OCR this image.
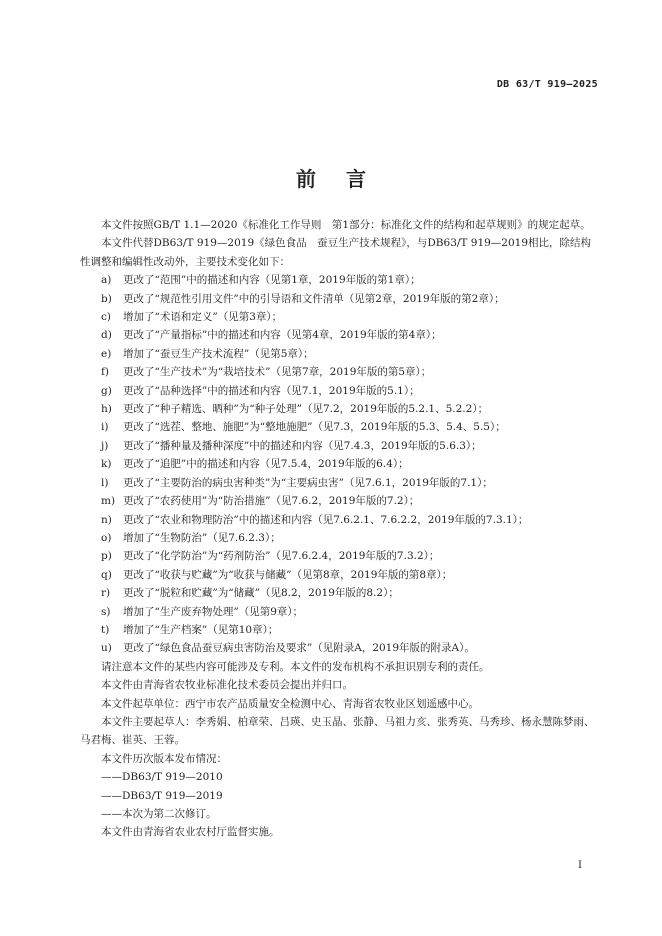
DB 63/T 919—2025
前 言

本文件按照GB/T 1.1—2020《标准化工作导则　第1部分：标准化文件的结构和起草规则》的规定起草。

本文件代替DB63/T 919—2019《绿色食品　蚕豆生产技术规程》，与DB63/T 919—2019相比，除结构性调整和编辑性改动外，主要技术变化如下：

a) 更改了“范围”中的描述和内容（见第1章，2019年版的第1章）；
b) 更改了“规范性引用文件”中的引导语和文件清单（见第2章，2019年版的第2章）；
c) 增加了“术语和定义”（见第3章）；
d) 更改了“产量指标”中的描述和内容（见第4章，2019年版的第4章）；
e) 增加了“蚕豆生产技术流程”（见第5章）；
f) 更改了“生产技术”为“栽培技术”（见第7章，2019年版的第5章）；
g) 更改了“品种选择”中的描述和内容（见7.1，2019年版的5.1）；
h) 更改了“种子精选、晒种”为“种子处理”（见7.2，2019年版的5.2.1、5.2.2）；
i) 更改了“选茬、整地、施肥”为“整地施肥”（见7.3，2019年版的5.3、5.4、5.5）；
j) 更改了“播种量及播种深度”中的描述和内容（见7.4.3，2019年版的5.6.3）；
k) 更改了“追肥”中的描述和内容（见7.5.4，2019年版的6.4）；
l) 更改了“主要防治的病虫害种类”为“主要病虫害”（见7.6.1，2019年版的7.1）；
m) 更改了“农药使用”为“防治措施”（见7.6.2，2019年版的7.2）；
n) 更改了“农业和物理防治”中的描述和内容（见7.6.2.1、7.6.2.2，2019年版的7.3.1）；
o) 增加了“生物防治”（见7.6.2.3）；
p) 更改了“化学防治”为“药剂防治”（见7.6.2.4，2019年版的7.3.2）；
q) 更改了“收获与贮藏”为“收获与储藏”（见第8章，2019年版的第8章）；
r) 更改了“脱粒和贮藏”为“储藏”（见8.2，2019年版的8.2）；
s) 增加了“生产废弃物处理”（见第9章）；
t) 增加了“生产档案”（见第10章）；
u) 更改了“绿色食品蚕豆病虫害防治及要求”（见附录A，2019年版的附录A）。

请注意本文件的某些内容可能涉及专利。本文件的发布机构不承担识别专利的责任。

本文件由青海省农牧业标准化技术委员会提出并归口。

本文件起草单位：西宁市农产品质量安全检测中心、青海省农牧业区划遥感中心。

本文件主要起草人：李秀娟、柏章荣、吕瑛、史玉晶、张静、马祖力亥、张秀英、马秀珍、杨永慧陈梦雨、马君梅、崔英、王蓉。

本文件历次版本发布情况：

——DB63/T 919—2010

——DB63/T 919—2019

——本次为第二次修订。

本文件由青海省农业农村厅监督实施。

I
